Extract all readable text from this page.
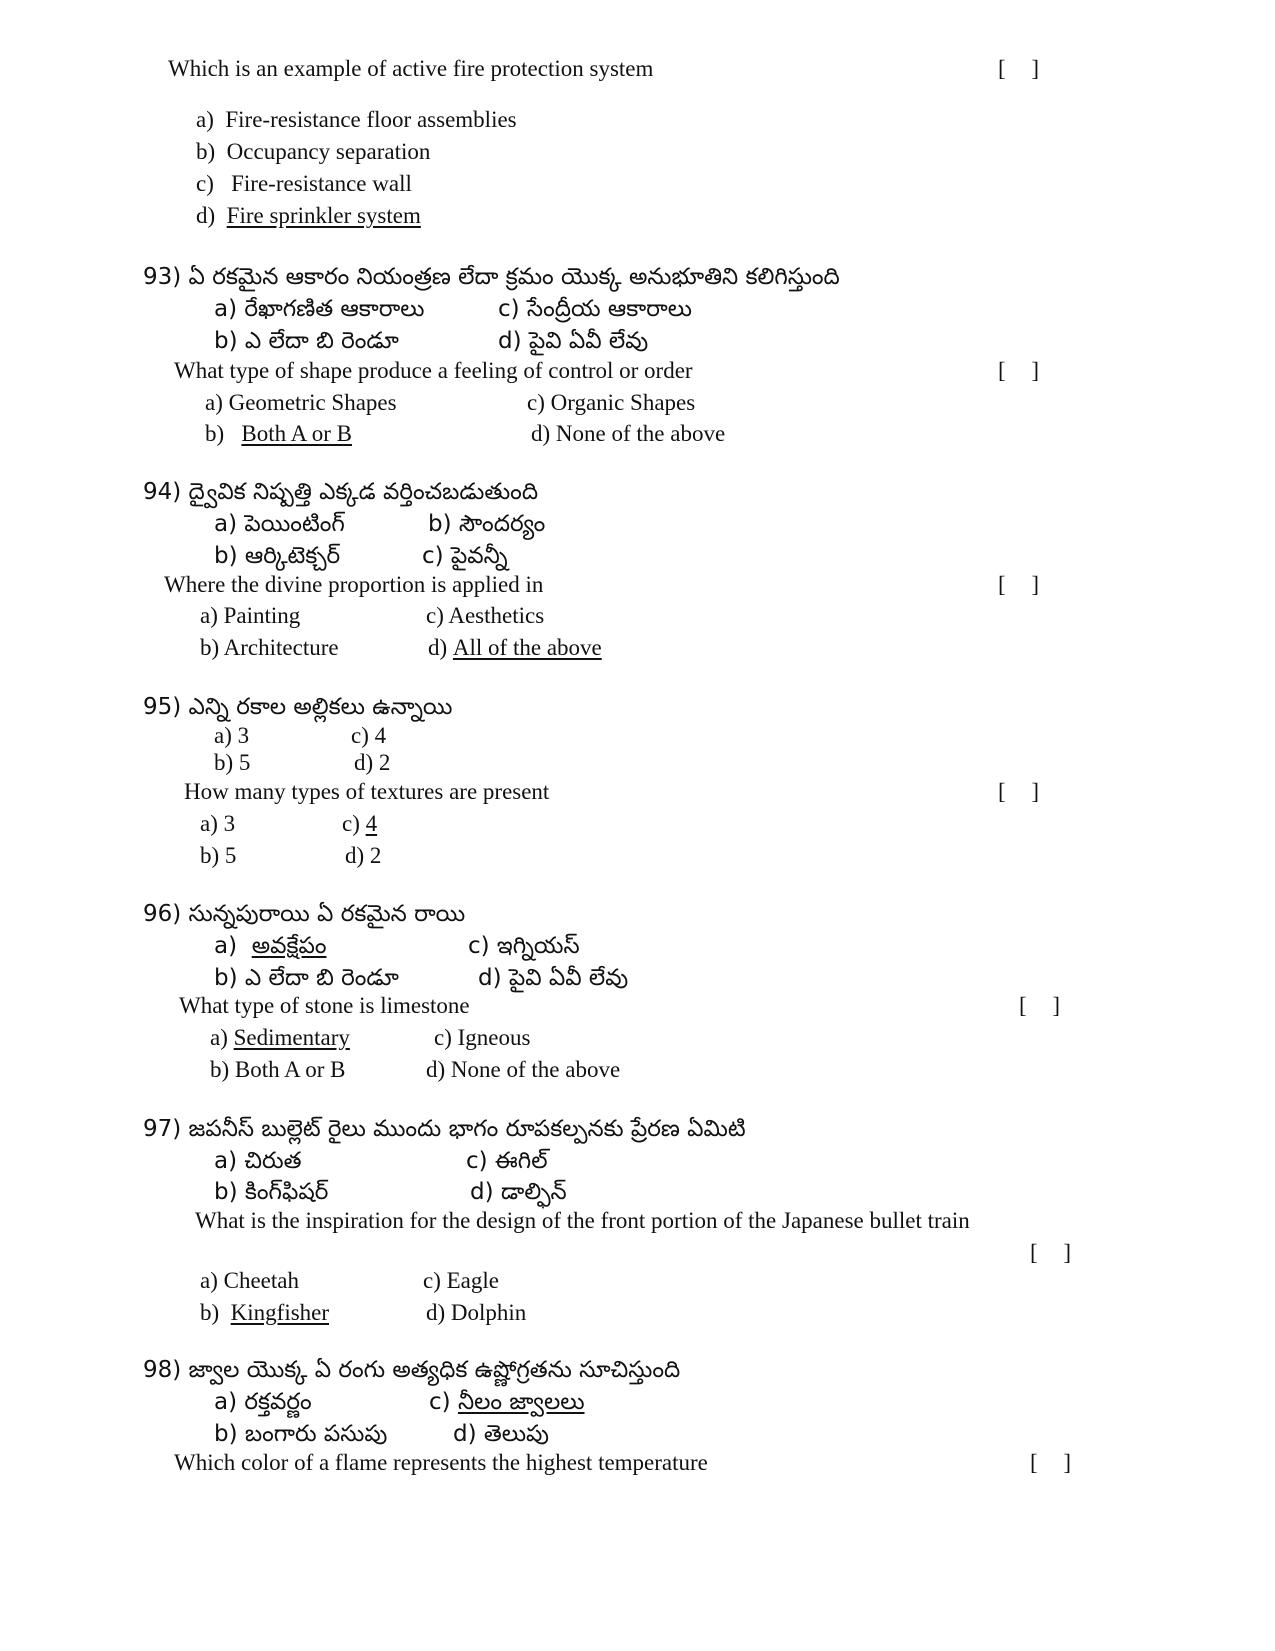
Which is an example of active fire protection system	[ ]
a) Fire-resistance floor assemblies
b) Occupancy separation
c) Fire-resistance wall
d) Fire sprinkler system
93) ఏ రకమైన ఆకారం నియంత్రణ లేదా క్రమం యొక్క అనుభూతిని కలిగిస్తుంది
a) రేఖాగణిత ఆకారాలు	c) సేంద్రీయ ఆకారాలు
b) ఎ లేదా బి రెండూ	d) పైవి ఏవీ లేవు
What type of shape produce a feeling of control or order	[ ]
a) Geometric Shapes	c) Organic Shapes
b) Both A or B	d) None of the above
94) ద్వైవిక నిష్పత్తి ఎక్కడ వర్తించబడుతుంది
a) పెయింటింగ్	b) సౌందర్యం
b) ఆర్కిటెక్చర్	c) పైవన్నీ
Where the divine proportion is applied in	[ ]
a) Painting	c) Aesthetics
b) Architecture	d) All of the above
95) ఎన్ని రకాల అల్లికలు ఉన్నాయి
a) 3	c) 4
b) 5	d) 2
How many types of textures are present	[ ]
a) 3	c) 4
b) 5	d) 2
96) సున్నపురాయి ఏ రకమైన రాయి
a) అవక్షేపం	c) ఇగ్నియస్
b) ఎ లేదా బి రెండూ	d) పైవి ఏవీ లేవు
What type of stone is limestone	[ ]
a) Sedimentary	c) Igneous
b) Both A or B	d) None of the above
97) జపనీస్ బుల్లెట్ రైలు ముందు భాగం రూపకల్పనకు ప్రేరణ ఏమిటి
a) చిరుత	c) ఈగిల్
b) కింగ్‌ఫిషర్	d) డాల్ఫిన్
What is the inspiration for the design of the front portion of the Japanese bullet train
[ ]
a) Cheetah	c) Eagle
b) Kingfisher	d) Dolphin
98) జ్వాల యొక్క ఏ రంగు అత్యధిక ఉష్ణోగ్రతను సూచిస్తుంది
a) రక్తవర్ణం	c) నీలం జ్వాలలు
b) బంగారు పసుపు	d) తెలుపు
Which color of a flame represents the highest temperature	[ ]
